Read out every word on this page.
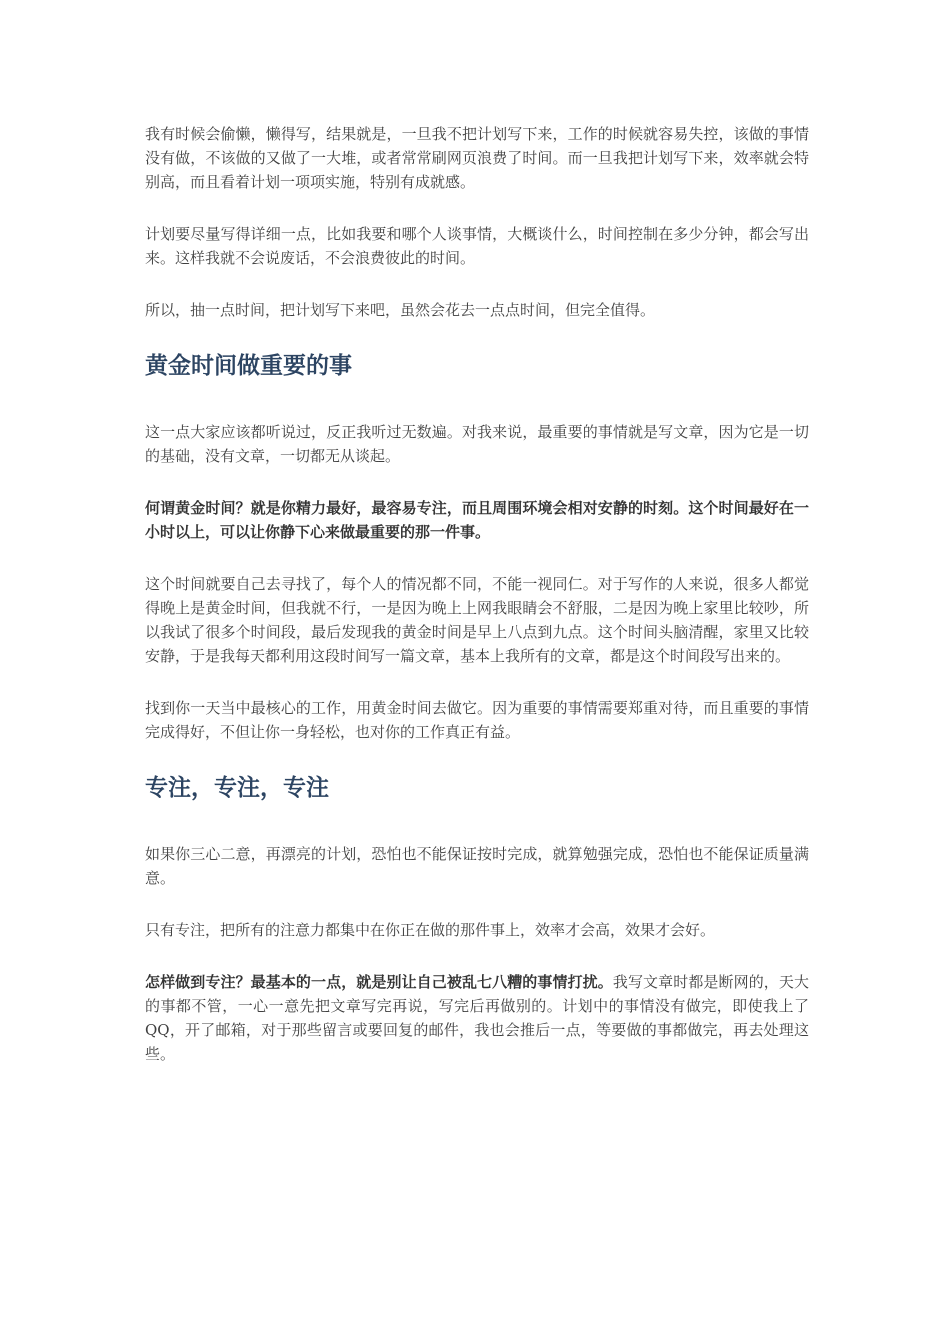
我有时候会偷懒，懒得写，结果就是，一旦我不把计划写下来，工作的时候就容易失控，该做的事情没有做，不该做的又做了一大堆，或者常常刷网页浪费了时间。而一旦我把计划写下来，效率就会特别高，而且看着计划一项项实施，特别有成就感。

计划要尽量写得详细一点，比如我要和哪个人谈事情，大概谈什么，时间控制在多少分钟，都会写出来。这样我就不会说废话，不会浪费彼此的时间。

所以，抽一点时间，把计划写下来吧，虽然会花去一点点时间，但完全值得。

黄金时间做重要的事

这一点大家应该都听说过，反正我听过无数遍。对我来说，最重要的事情就是写文章，因为它是一切的基础，没有文章，一切都无从谈起。

何谓黄金时间？就是你精力最好，最容易专注，而且周围环境会相对安静的时刻。这个时间最好在一小时以上，可以让你静下心来做最重要的那一件事。

这个时间就要自己去寻找了，每个人的情况都不同，不能一视同仁。对于写作的人来说，很多人都觉得晚上是黄金时间，但我就不行，一是因为晚上上网我眼睛会不舒服，二是因为晚上家里比较吵，所以我试了很多个时间段，最后发现我的黄金时间是早上八点到九点。这个时间头脑清醒，家里又比较安静，于是我每天都利用这段时间写一篇文章，基本上我所有的文章，都是这个时间段写出来的。

找到你一天当中最核心的工作，用黄金时间去做它。因为重要的事情需要郑重对待，而且重要的事情完成得好，不但让你一身轻松，也对你的工作真正有益。

专注，专注，专注

如果你三心二意，再漂亮的计划，恐怕也不能保证按时完成，就算勉强完成，恐怕也不能保证质量满意。

只有专注，把所有的注意力都集中在你正在做的那件事上，效率才会高，效果才会好。

怎样做到专注？最基本的一点，就是别让自己被乱七八糟的事情打扰。我写文章时都是断网的，天大的事都不管，一心一意先把文章写完再说，写完后再做别的。计划中的事情没有做完，即使我上了QQ，开了邮箱，对于那些留言或要回复的邮件，我也会推后一点，等要做的事都做完，再去处理这些。
